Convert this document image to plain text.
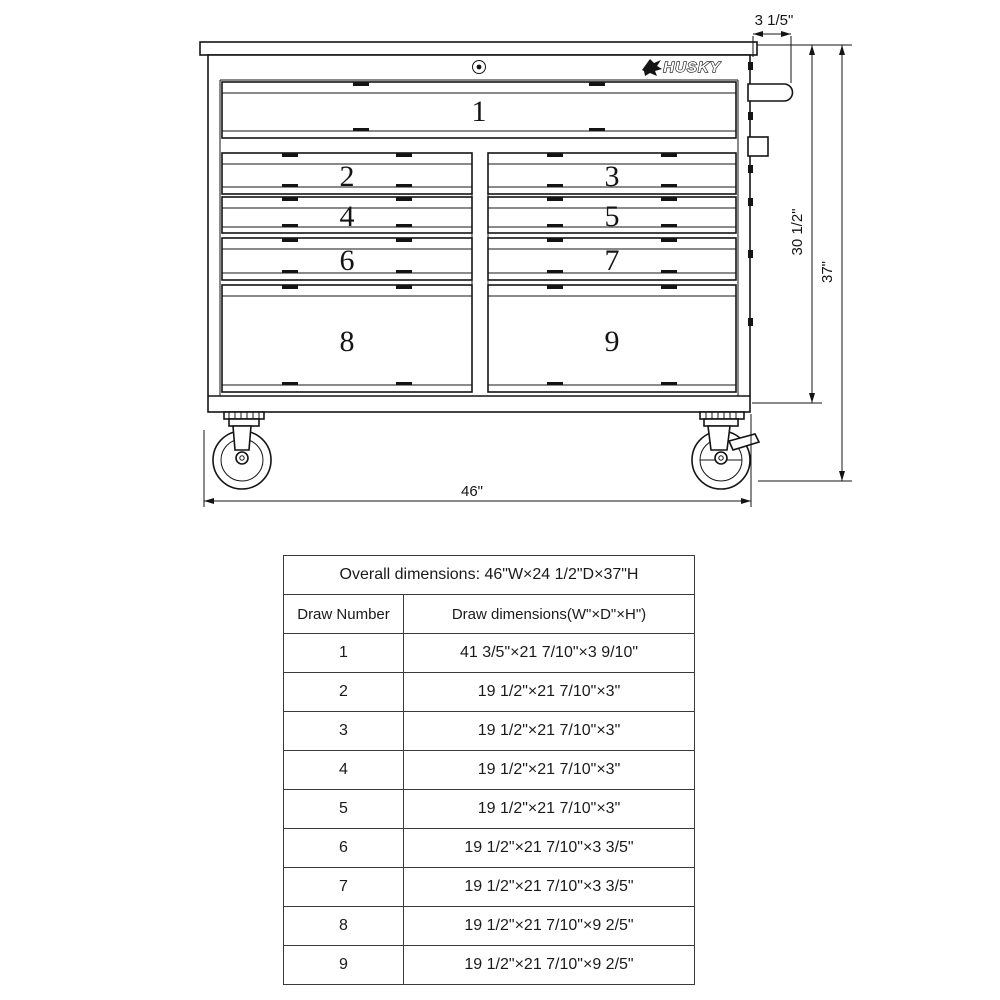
HUSKY
1
2	3
4	5
6	7
8	9
3 1/5"
30 1/2"
37"
46"
Overall dimensions: 46"W×24 1/2"D×37"H	
Draw Number	Draw dimensions(W"×D"×H")
1	41 3/5"×21 7/10"×3 9/10"
2	19 1/2"×21 7/10"×3"
3	19 1/2"×21 7/10"×3"
4	19 1/2"×21 7/10"×3"
5	19 1/2"×21 7/10"×3"
6	19 1/2"×21 7/10"×3 3/5"
7	19 1/2"×21 7/10"×3 3/5"
8	19 1/2"×21 7/10"×9 2/5"
9	19 1/2"×21 7/10"×9 2/5"
